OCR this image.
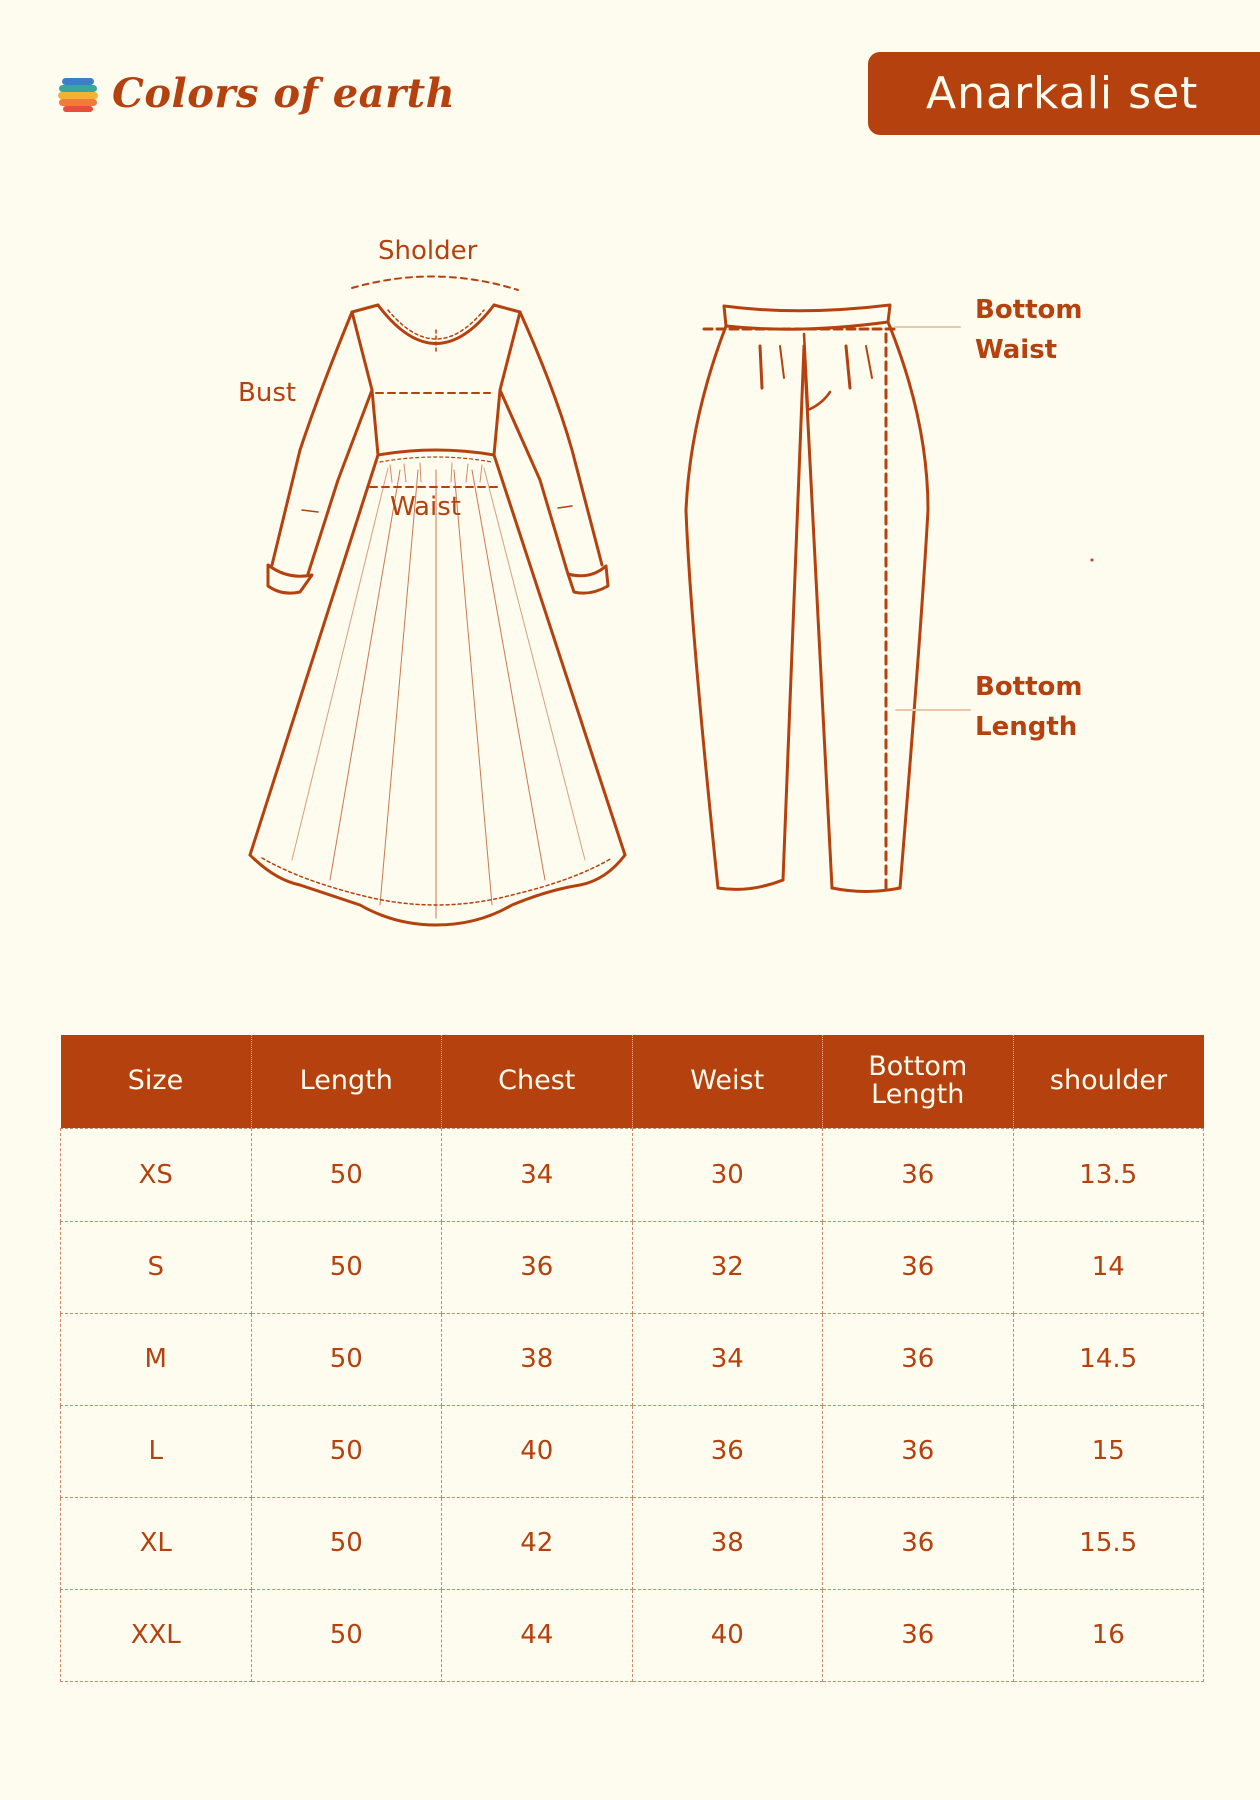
Colors of earth	Anarkali set
Sholder
Bust
Waist
Bottom
Waist
Bottom
Length
Size	Length	Chest	Weist	Bottom Length	shoulder
XS	50	34	30	36	13.5
S	50	36	32	36	14
M	50	38	34	36	14.5
L	50	40	36	36	15
XL	50	42	38	36	15.5
XXL	50	44	40	36	16
